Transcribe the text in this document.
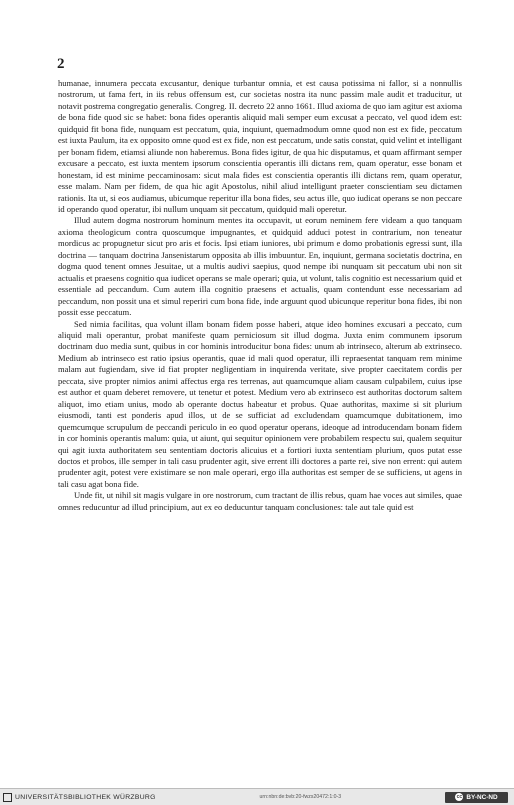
2

humanae, innumera peccata excusantur, denique turbantur omnia, et est causa potissima ni fallor, si a nonnullis nostrorum, ut fama fert, in iis rebus offensum est, cur societas nostra ita nunc passim male audit et traducitur, ut notavit postrema congregatio generalis. Congreg. II. decreto 22 anno 1661. Illud axioma de quo iam agitur est axioma de bona fide quod sic se habet: bona fides operantis aliquid mali semper eum excusat a peccato, vel quod idem est: quidquid fit bona fide, nunquam est peccatum, quia, inquiunt, quemadmodum omne quod non est ex fide, peccatum est iuxta Paulum, ita ex opposito omne quod est ex fide, non est peccatum, unde satis constat, quid velint et intelligant per bonam fidem, etiamsi aliunde non haberemus. Bona fides igitur, de qua hic disputamus, et quam affirmant semper excusare a peccato, est iuxta mentem ipsorum conscientia operantis illi dictans rem, quam operatur, esse bonam et honestam, id est minime peccaminosam: sicut mala fides est conscientia operantis illi dictans rem, quam operatur, esse malam. Nam per fidem, de qua hic agit Apostolus, nihil aliud intelligunt praeter conscientiam seu dictamen rationis. Ita ut, si eos audiamus, ubicumque reperitur illa bona fides, seu actus ille, quo iudicat operans se non peccare id operando quod operatur, ibi nullum unquam sit peccatum, quidquid mali operetur.

Illud autem dogma nostrorum hominum mentes ita occupavit, ut eorum neminem fere videam a quo tanquam axioma theologicum contra quoscumque impugnantes, et quidquid adduci potest in contrarium, non teneatur mordicus ac propugnetur sicut pro aris et focis. Ipsi etiam iuniores, ubi primum e domo probationis egressi sunt, illa doctrina — tanquam doctrina Jansenistarum opposita ab illis imbuuntur. En, inquiunt, germana societatis doctrina, en dogma quod tenent omnes Jesuitae, ut a multis audivi saepius, quod nempe ibi nunquam sit peccatum ubi non sit actualis et praesens cognitio qua iudicet operans se male operari; quia, ut volunt, talis cognitio est necessarium quid et essentiale ad peccandum. Cum autem illa cognitio praesens et actualis, quam contendunt esse necessariam ad peccandum, non possit una et simul reperiri cum bona fide, inde arguunt quod ubicunque reperitur bona fides, ibi non possit esse peccatum.

Sed nimia facilitas, qua volunt illam bonam fidem posse haberi, atque ideo homines excusari a peccato, cum aliquid mali operantur, probat manifeste quam perniciosum sit illud dogma. Juxta enim communem ipsorum doctrinam duo media sunt, quibus in cor hominis introducitur bona fides: unum ab intrinseco, alterum ab extrinseco. Medium ab intrinseco est ratio ipsius operantis, quae id mali quod operatur, illi repraesentat tanquam rem minime malam aut fugiendam, sive id fiat propter negligentiam in inquirenda veritate, sive propter caecitatem cordis per peccata, sive propter nimios animi affectus erga res terrenas, aut quamcumque aliam causam culpabilem, cuius ipse est author et quam deberet removere, ut tenetur et potest. Medium vero ab extrinseco est authoritas doctorum saltem aliquot, imo etiam unius, modo ab operante doctus habeatur et probus. Quae authoritas, maxime si sit plurium eiusmodi, tanti est ponderis apud illos, ut de se sufficiat ad excludendam quamcumque dubitationem, imo quemcumque scrupulum de peccandi periculo in eo quod operatur operans, ideoque ad introducendam bonam fidem in cor hominis operantis malum: quia, ut aiunt, qui sequitur opinionem vere probabilem respectu sui, qualem sequitur qui agit iuxta authoritatem seu sententiam doctoris alicuius et a fortiori iuxta sententiam plurium, quos putat esse doctos et probos, ille semper in tali casu prudenter agit, sive errent illi doctores a parte rei, sive non errent: qui autem prudenter agit, potest vere existimare se non male operari, ergo illa authoritas est semper de se sufficiens, ut agens in tali casu agat bona fide.

Unde fit, ut nihil sit magis vulgare in ore nostrorum, cum tractant de illis rebus, quam hae voces aut similes, quae omnes reducuntur ad illud principium, aut ex eo deducuntur tanquam conclusiones: tale aut tale quid est

UNIVERSITÄTSBIBLIOTHEK WÜRZBURG	urn:nbn:de:bvb:20-fwzs20472:1:0-3	cc BY-NC-ND
